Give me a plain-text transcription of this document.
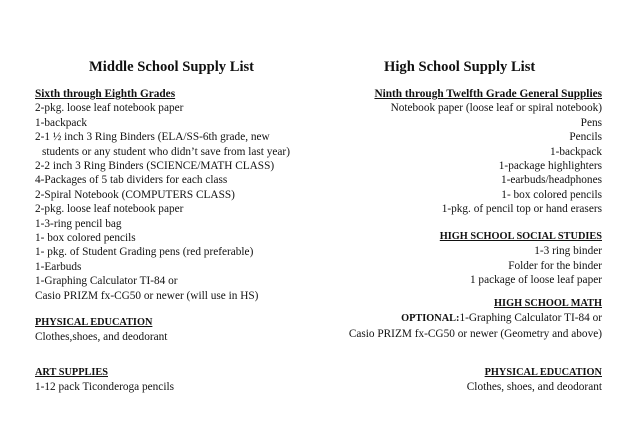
Middle School Supply List
Sixth through Eighth Grades
2-pkg. loose leaf notebook paper
1-backpack
2-1 ½ inch 3 Ring Binders (ELA/SS-6th grade, new
students or any student who didn’t save from last year)
2-2 inch 3 Ring Binders (SCIENCE/MATH CLASS)
4-Packages of 5 tab dividers for each class
2-Spiral Notebook (COMPUTERS CLASS)
2-pkg. loose leaf notebook paper
1-3-ring pencil bag
1- box colored pencils
1- pkg. of Student Grading pens (red preferable)
1-Earbuds
1-Graphing Calculator TI-84 or
Casio PRIZM fx-CG50 or newer (will use in HS)
PHYSICAL EDUCATION
Clothes,shoes, and deodorant
ART SUPPLIES
1-12 pack Ticonderoga pencils
High School Supply List
Ninth through Twelfth Grade General Supplies
Notebook paper (loose leaf or spiral notebook)
Pens
Pencils
1-backpack
1-package highlighters
1-earbuds/headphones
1- box colored pencils
1-pkg. of pencil top or hand erasers
HIGH SCHOOL SOCIAL STUDIES
1-3 ring binder
Folder for the binder
1 package of loose leaf paper
HIGH SCHOOL MATH
OPTIONAL:1-Graphing Calculator TI-84 or
Casio PRIZM fx-CG50 or newer (Geometry and above)
PHYSICAL EDUCATION
Clothes, shoes, and deodorant
